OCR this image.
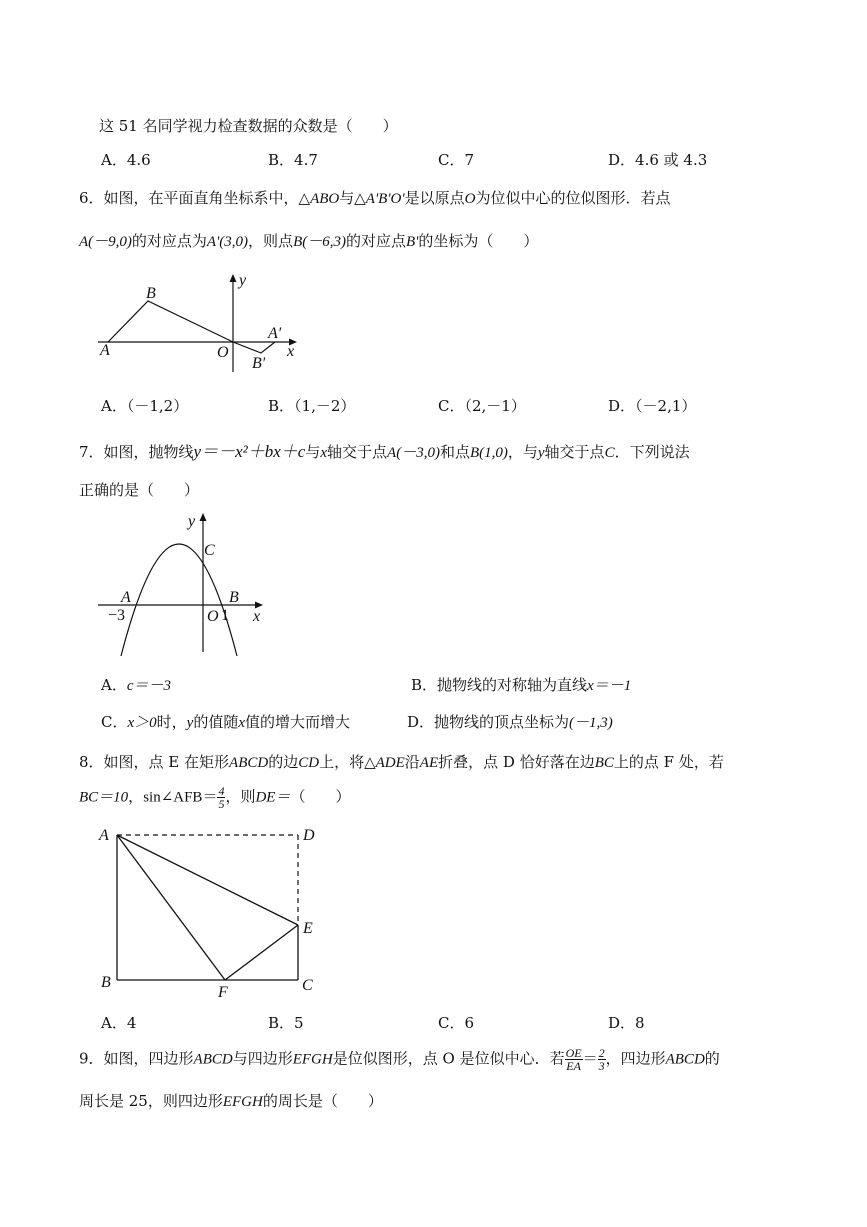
这 51 名同学视力检查数据的众数是（　　）
A．4.6	B．4.7	C．7	D．4.6 或 4.3
6．如图，在平面直角坐标系中，△ABO与△A'B'O'是以原点O为位似中心的位似图形．若点
A(－9,0)的对应点为A'(3,0)，则点B(－6,3)的对应点B'的坐标为（　　）
A
B
O
y
x
A′
B′
A．（－1,2）	B．（1,－2）	C．（2,－1）	D．（－2,1）
7．如图，抛物线y＝－x²＋bx＋c与x轴交于点A(－3,0)和点B(1,0)，与y轴交于点C．下列说法
正确的是（　　）
y
C
A	B
−3	O 1 x
A．c＝－3	B．抛物线的对称轴为直线x＝－1
C．x＞0时，y的值随x值的增大而增大	D．抛物线的顶点坐标为(－1,3)
8．如图，点 E 在矩形ABCD的边CD上，将△ADE沿AE折叠，点 D 恰好落在边BC上的点 F 处，若
BC＝10，sin∠AFB＝ $\frac{4}{5}$ ，则DE＝（　　）
A	D
E
B
F	C
A．4	B．5	C．6	D．8
9．如图，四边形ABCD与四边形EFGH是位似图形，点 O 是位似中心．若 $\frac{OE}{EA} = \frac{2}{3}$ ，四边形ABCD的
周长是 25，则四边形EFGH的周长是（　　）
